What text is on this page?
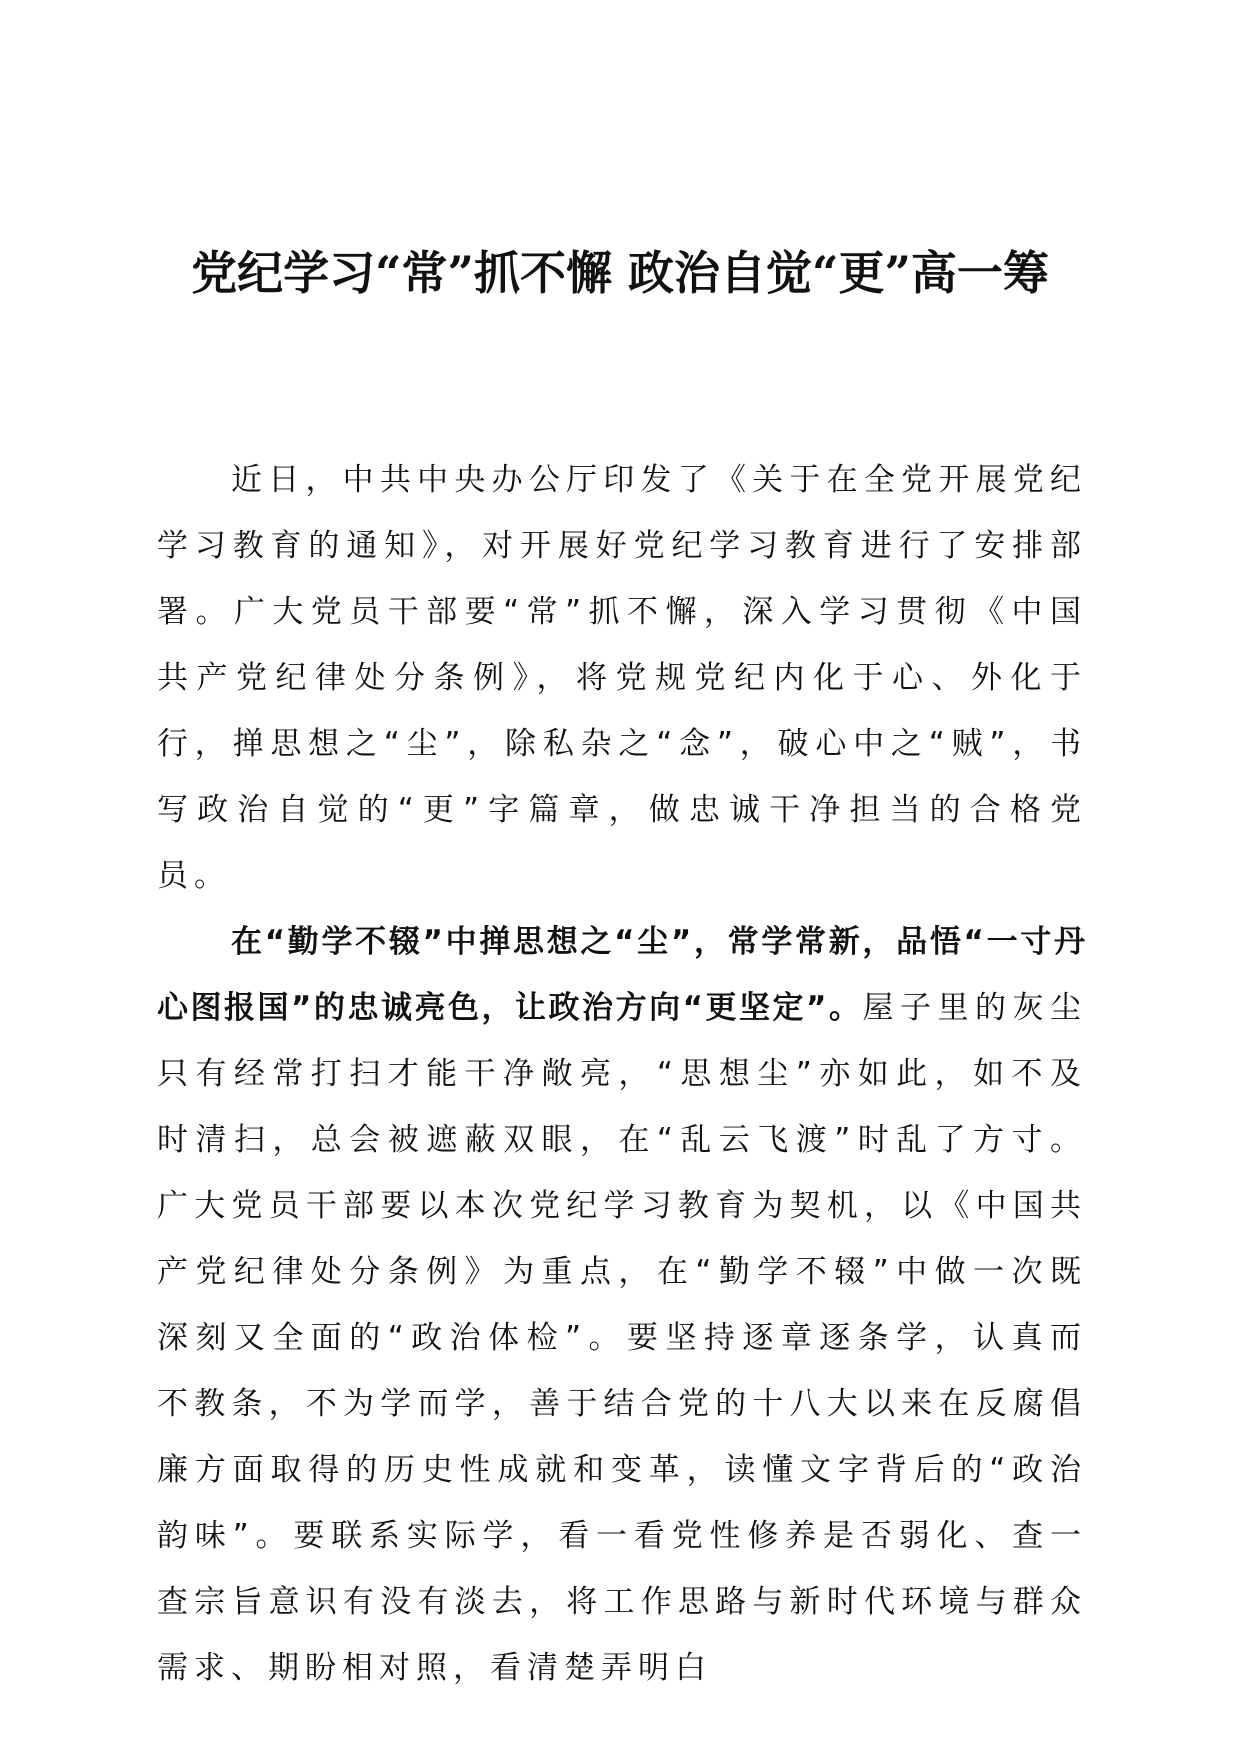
党纪学习“常”抓不懈 政治自觉“更”高一筹

近日，中共中央办公厅印发了《关于在全党开展党纪学习教育的通知》，对开展好党纪学习教育进行了安排部署。广大党员干部要“常”抓不懈，深入学习贯彻《中国共产党纪律处分条例》，将党规党纪内化于心、外化于行，掸思想之“尘”，除私杂之“念”，破心中之“贼”，书写政治自觉的“更”字篇章，做忠诚干净担当的合格党员。

在“勤学不辍”中掸思想之“尘”，常学常新，品悟“一寸丹心图报国”的忠诚亮色，让政治方向“更坚定”。屋子里的灰尘只有经常打扫才能干净敞亮，“思想尘”亦如此，如不及时清扫，总会被遮蔽双眼，在“乱云飞渡”时乱了方寸。广大党员干部要以本次党纪学习教育为契机，以《中国共产党纪律处分条例》为重点，在“勤学不辍”中做一次既深刻又全面的“政治体检”。要坚持逐章逐条学，认真而不教条，不为学而学，善于结合党的十八大以来在反腐倡廉方面取得的历史性成就和变革，读懂文字背后的“政治韵味”。要联系实际学，看一看党性修养是否弱化、查一查宗旨意识有没有淡去，将工作思路与新时代环境与群众需求、期盼相对照，看清楚弄明白
